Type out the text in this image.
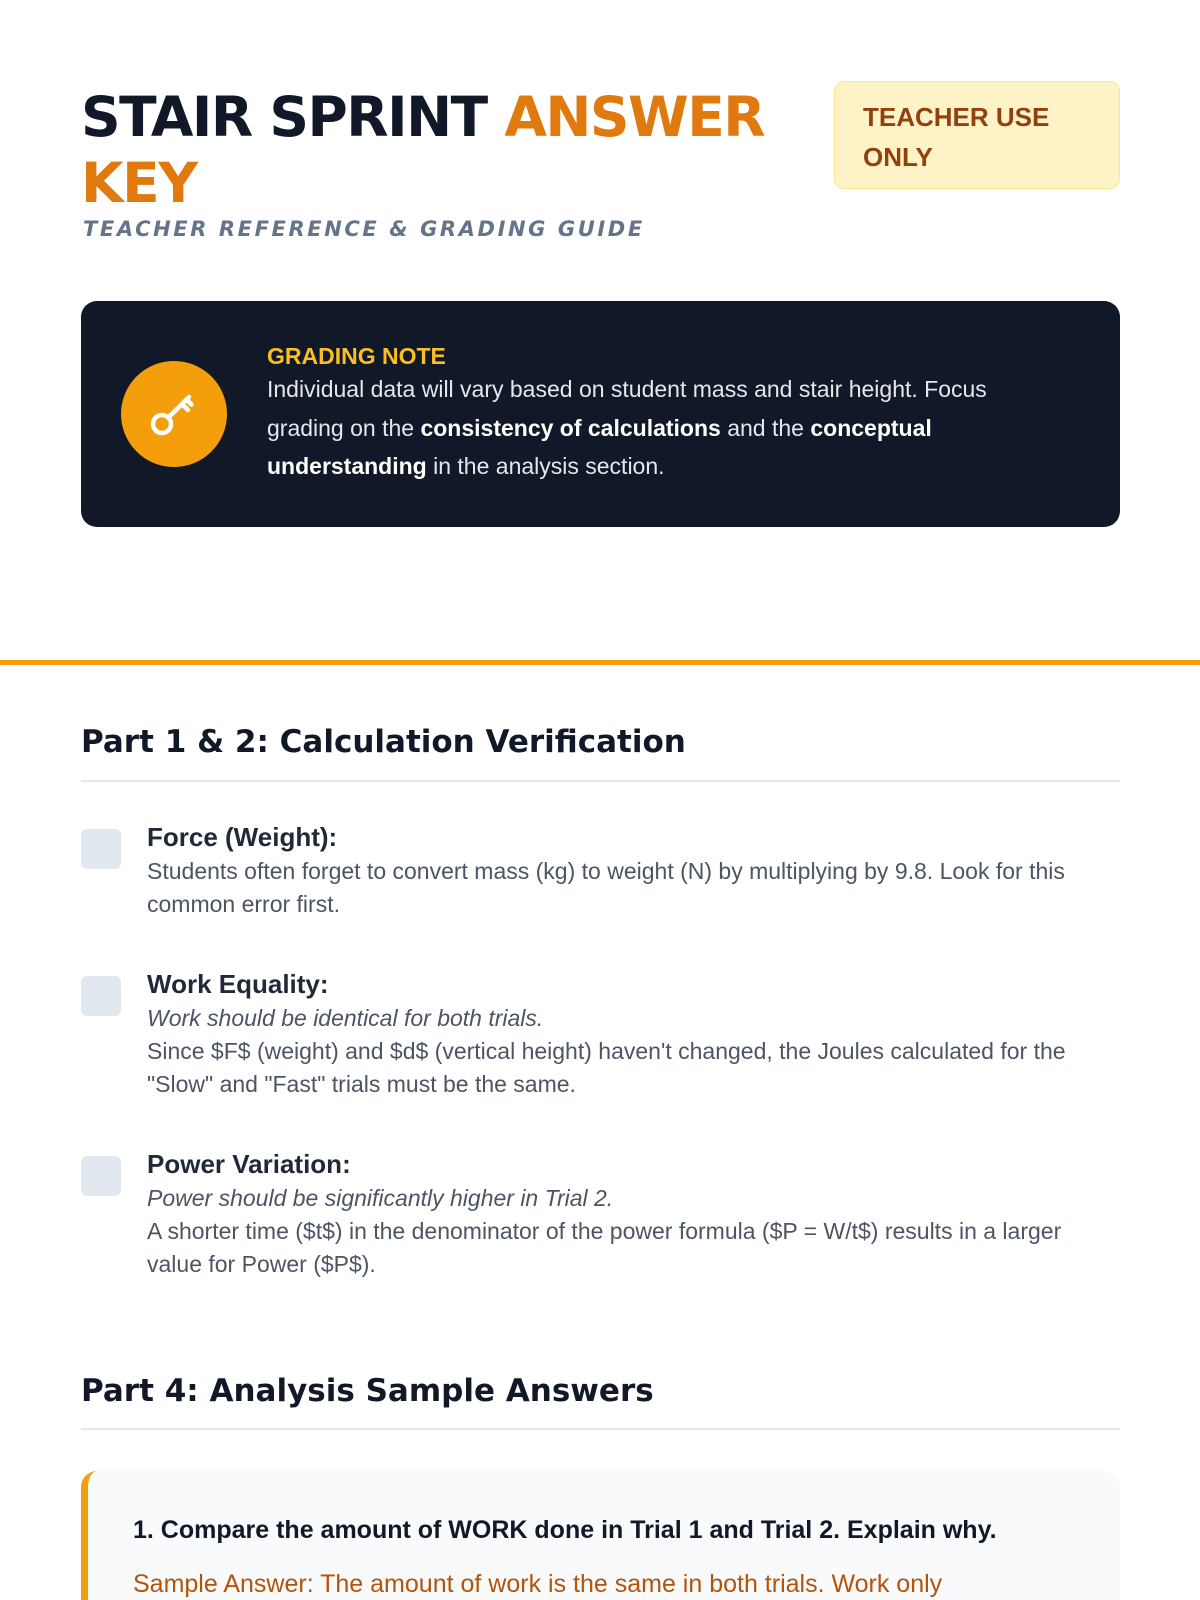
STAIR SPRINT ANSWER KEY

TEACHER REFERENCE & GRADING GUIDE

TEACHER USE
ONLY
GRADING NOTE

Individual data will vary based on student mass and stair height. Focus grading on the consistency of calculations and the conceptual understanding in the analysis section.

Part 1 & 2: Calculation Verification
Force (Weight):
Students often forget to convert mass (kg) to weight (N) by multiplying by 9.8. Look for this common error first.
Work Equality:
Work should be identical for both trials.
Since $F$ (weight) and $d$ (vertical height) haven't changed, the Joules calculated for the "Slow" and "Fast" trials must be the same.
Power Variation:
Power should be significantly higher in Trial 2.
A shorter time ($t$) in the denominator of the power formula ($P = W/t$) results in a larger value for Power ($P$).
Part 4: Analysis Sample Answers

1. Compare the amount of WORK done in Trial 1 and Trial 2. Explain why.

Sample Answer: The amount of work is the same in both trials. Work only
